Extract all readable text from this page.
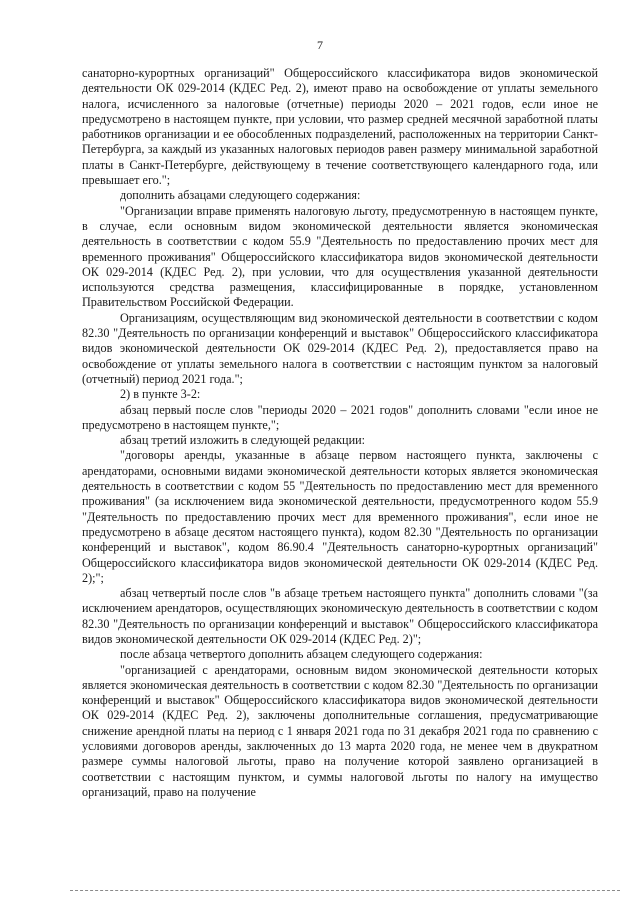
7

санаторно-курортных организаций" Общероссийского классификатора видов экономической деятельности ОК 029-2014 (КДЕС Ред. 2), имеют право на освобождение от уплаты земельного налога, исчисленного за налоговые (отчетные) периоды 2020 – 2021 годов, если иное не предусмотрено в настоящем пункте, при условии, что размер средней месячной заработной платы работников организации и ее обособленных подразделений, расположенных на территории Санкт-Петербурга, за каждый из указанных налоговых периодов равен размеру минимальной заработной платы в Санкт-Петербурге, действующему в течение соответствующего календарного года, или превышает его.";

дополнить абзацами следующего содержания:

"Организации вправе применять налоговую льготу, предусмотренную в настоящем пункте, в случае, если основным видом экономической деятельности является экономическая деятельность в соответствии с кодом 55.9 "Деятельность по предоставлению прочих мест для временного проживания" Общероссийского классификатора видов экономической деятельности ОК 029-2014 (КДЕС Ред. 2), при условии, что для осуществления указанной деятельности используются средства размещения, классифицированные в порядке, установленном Правительством Российской Федерации.

Организациям, осуществляющим вид экономической деятельности в соответствии с кодом 82.30 "Деятельность по организации конференций и выставок" Общероссийского классификатора видов экономической деятельности ОК 029-2014 (КДЕС Ред. 2), предоставляется право на освобождение от уплаты земельного налога в соответствии с настоящим пунктом за налоговый (отчетный) период 2021 года.";

2) в пункте 3-2:

абзац первый после слов "периоды 2020 – 2021 годов" дополнить словами "если иное не предусмотрено в настоящем пункте,";

абзац третий изложить в следующей редакции:

"договоры аренды, указанные в абзаце первом настоящего пункта, заключены с арендаторами, основными видами экономической деятельности которых является экономическая деятельность в соответствии с кодом 55 "Деятельность по предоставлению мест для временного проживания" (за исключением вида экономической деятельности, предусмотренного кодом 55.9 "Деятельность по предоставлению прочих мест для временного проживания", если иное не предусмотрено в абзаце десятом настоящего пункта), кодом 82.30 "Деятельность по организации конференций и выставок", кодом 86.90.4 "Деятельность санаторно-курортных организаций" Общероссийского классификатора видов экономической деятельности ОК 029-2014 (КДЕС Ред. 2);";

абзац четвертый после слов "в абзаце третьем настоящего пункта" дополнить словами "(за исключением арендаторов, осуществляющих экономическую деятельность в соответствии с кодом 82.30 "Деятельность по организации конференций и выставок" Общероссийского классификатора видов экономической деятельности ОК 029-2014 (КДЕС Ред. 2)";

после абзаца четвертого дополнить абзацем следующего содержания:

"организацией с арендаторами, основным видом экономической деятельности которых является экономическая деятельность в соответствии с кодом 82.30 "Деятельность по организации конференций и выставок" Общероссийского классификатора видов экономической деятельности ОК 029-2014 (КДЕС Ред. 2), заключены дополнительные соглашения, предусматривающие снижение арендной платы на период с 1 января 2021 года по 31 декабря 2021 года по сравнению с условиями договоров аренды, заключенных до 13 марта 2020 года, не менее чем в двукратном размере суммы налоговой льготы, право на получение которой заявлено организацией в соответствии с настоящим пунктом, и суммы налоговой льготы по налогу на имущество организаций, право на получение
